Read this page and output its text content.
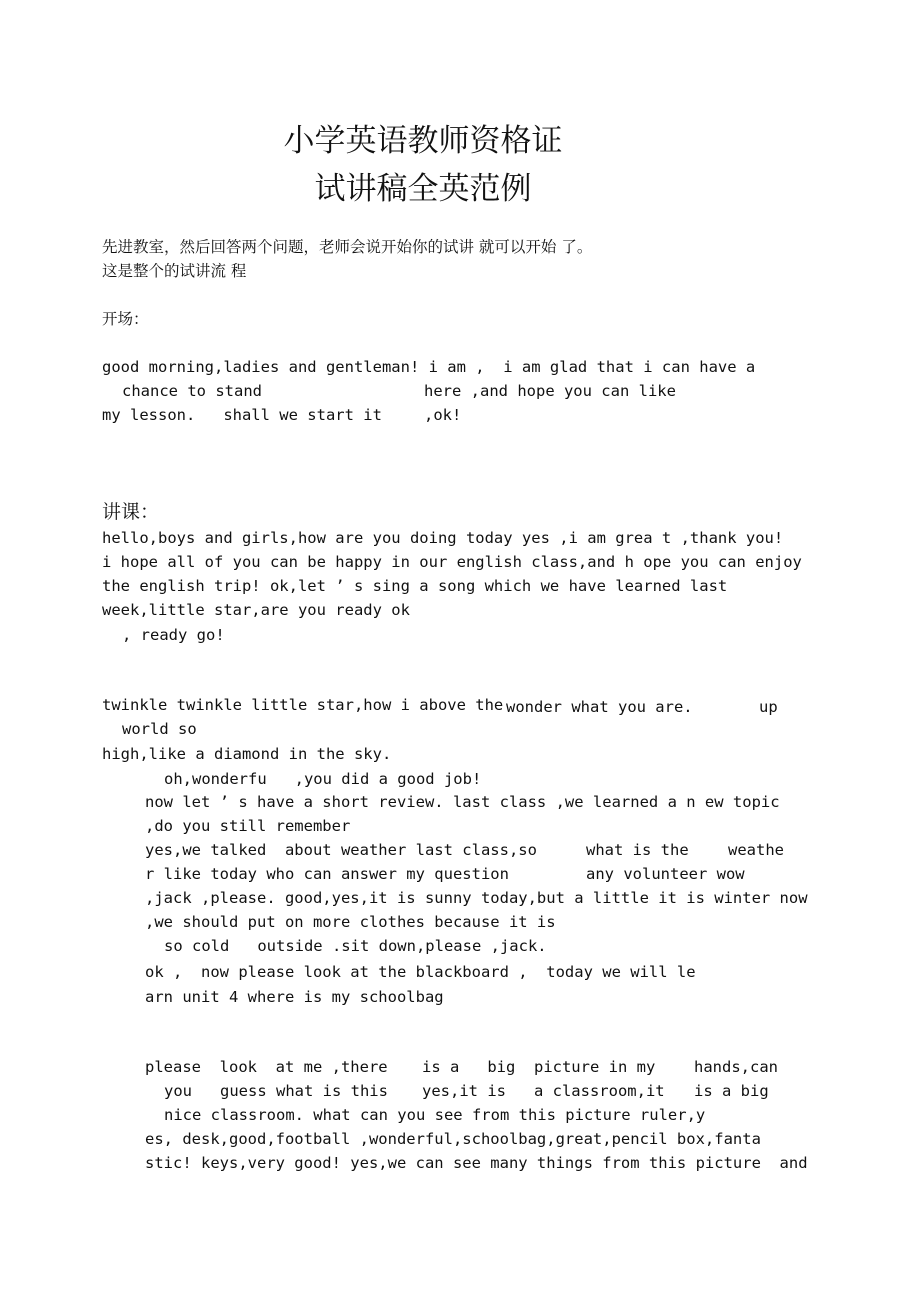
小学英语教师资格证
试讲稿全英范例
先进教室，然后回答两个问题，老师会说开始你的试讲 就可以开始 了。
这是整个的试讲流 程
开场：
good morning,ladies and gentleman! i am ,  i am glad that i can have a
chance to stand	here ,and hope you can like
my lesson.   shall we start it	,ok!
讲课：
hello,boys and girls,how are you doing today yes ,i am grea t ,thank you!
i hope all of you can be happy in our english class,and h ope you can enjoy
the english trip! ok,let ’ s sing a song which we have learned last
week,little star,are you ready ok
, ready go!
twinkle twinkle little star,how i above the wonder what you are.	up
world so
high,like a diamond in the sky.
oh,wonderfu   ,you did a good job!
now let ’ s have a short review. last class ,we learned a n ew topic
,do you still remember
yes,we talked  about weather last class,so	what is the	weathe
r like today who can answer my question	any volunteer wow
,jack ,please. good,yes,it is sunny today,but a little it is winter now
,we should put on more clothes because it is
so cold   outside .sit down,please ,jack.
ok ,  now please look at the blackboard ,  today we will le
arn unit 4 where is my schoolbag
please  look  at me ,there is a   big  picture in my hands,can
you   guess what is this yes,it is   a classroom,it is a big
nice classroom. what can you see from this picture ruler,y
es, desk,good,football ,wonderful,schoolbag,great,pencil box,fanta
stic! keys,very good! yes,we can see many things from this picture  and
